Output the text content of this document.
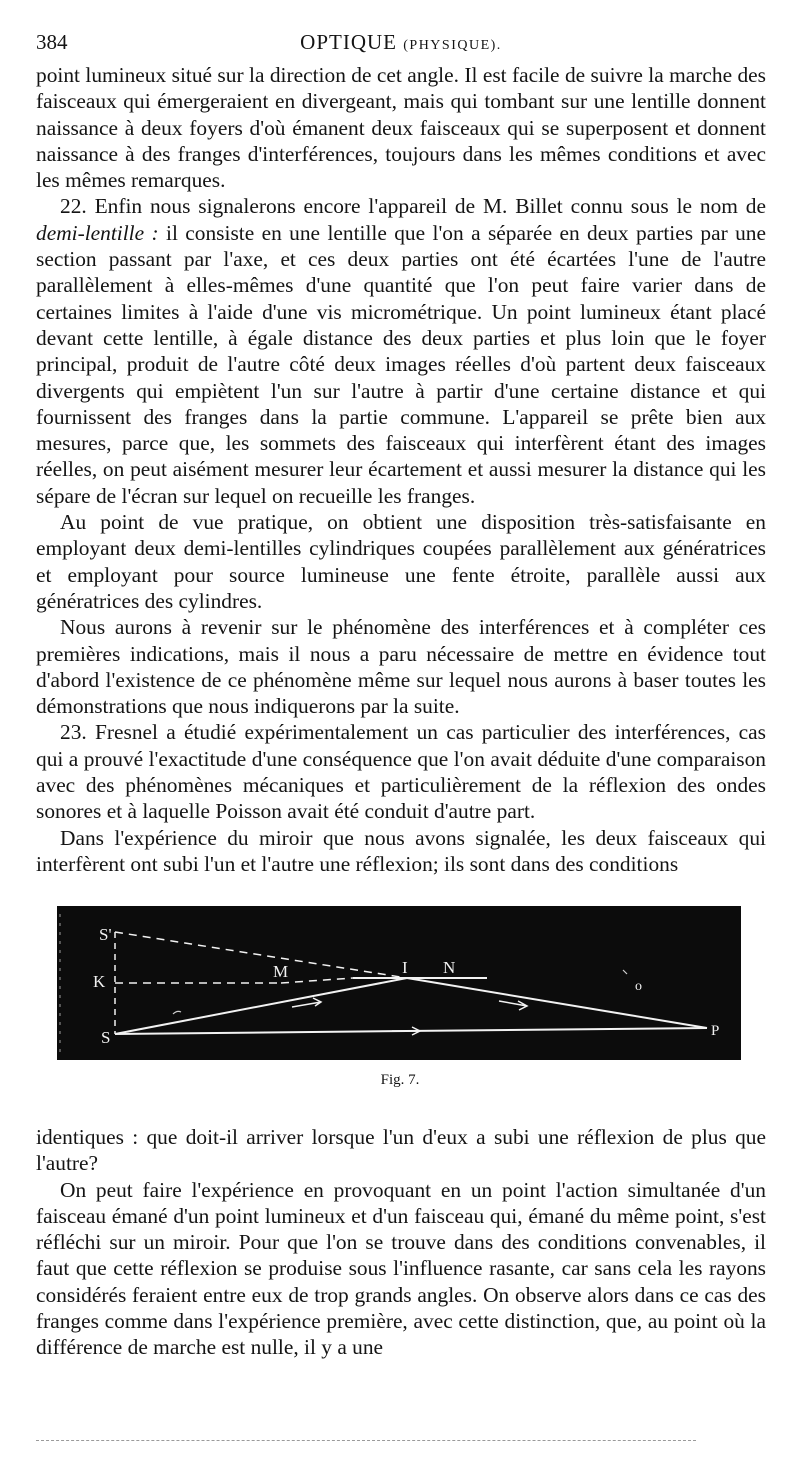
384	OPTIQUE (PHYSIQUE).

point lumineux situé sur la direction de cet angle. Il est facile de suivre la marche des faisceaux qui émergeraient en divergeant, mais qui tombant sur une lentille donnent naissance à deux foyers d'où émanent deux faisceaux qui se superposent et donnent naissance à des franges d'interférences, toujours dans les mêmes conditions et avec les mêmes remarques.

22. Enfin nous signalerons encore l'appareil de M. Billet connu sous le nom de demi-lentille : il consiste en une lentille que l'on a séparée en deux parties par une section passant par l'axe, et ces deux parties ont été écartées l'une de l'autre parallèlement à elles-mêmes d'une quantité que l'on peut faire varier dans de certaines limites à l'aide d'une vis micrométrique. Un point lumineux étant placé devant cette lentille, à égale distance des deux parties et plus loin que le foyer principal, produit de l'autre côté deux images réelles d'où partent deux faisceaux divergents qui empiètent l'un sur l'autre à partir d'une certaine distance et qui fournissent des franges dans la partie commune. L'appareil se prête bien aux mesures, parce que, les sommets des faisceaux qui interfèrent étant des images réelles, on peut aisément mesurer leur écartement et aussi mesurer la distance qui les sépare de l'écran sur lequel on recueille les franges.

Au point de vue pratique, on obtient une disposition très-satisfaisante en employant deux demi-lentilles cylindriques coupées parallèlement aux génératrices et employant pour source lumineuse une fente étroite, parallèle aussi aux génératrices des cylindres.

Nous aurons à revenir sur le phénomène des interférences et à compléter ces premières indications, mais il nous a paru nécessaire de mettre en évidence tout d'abord l'existence de ce phénomène même sur lequel nous aurons à baser toutes les démonstrations que nous indiquerons par la suite.

23. Fresnel a étudié expérimentalement un cas particulier des interférences, cas qui a prouvé l'exactitude d'une conséquence que l'on avait déduite d'une comparaison avec des phénomènes mécaniques et particulièrement de la réflexion des ondes sonores et à laquelle Poisson avait été conduit d'autre part.

Dans l'expérience du miroir que nous avons signalée, les deux faisceaux qui interfèrent ont subi l'un et l'autre une réflexion; ils sont dans des conditions

S'
K
M	I N
o
S	P
Fig. 7.

identiques : que doit-il arriver lorsque l'un d'eux a subi une réflexion de plus que l'autre?

On peut faire l'expérience en provoquant en un point l'action simultanée d'un faisceau émané d'un point lumineux et d'un faisceau qui, émané du même point, s'est réfléchi sur un miroir. Pour que l'on se trouve dans des conditions convenables, il faut que cette réflexion se produise sous l'influence rasante, car sans cela les rayons considérés feraient entre eux de trop grands angles. On observe alors dans ce cas des franges comme dans l'expérience première, avec cette distinction, que, au point où la différence de marche est nulle, il y a une
